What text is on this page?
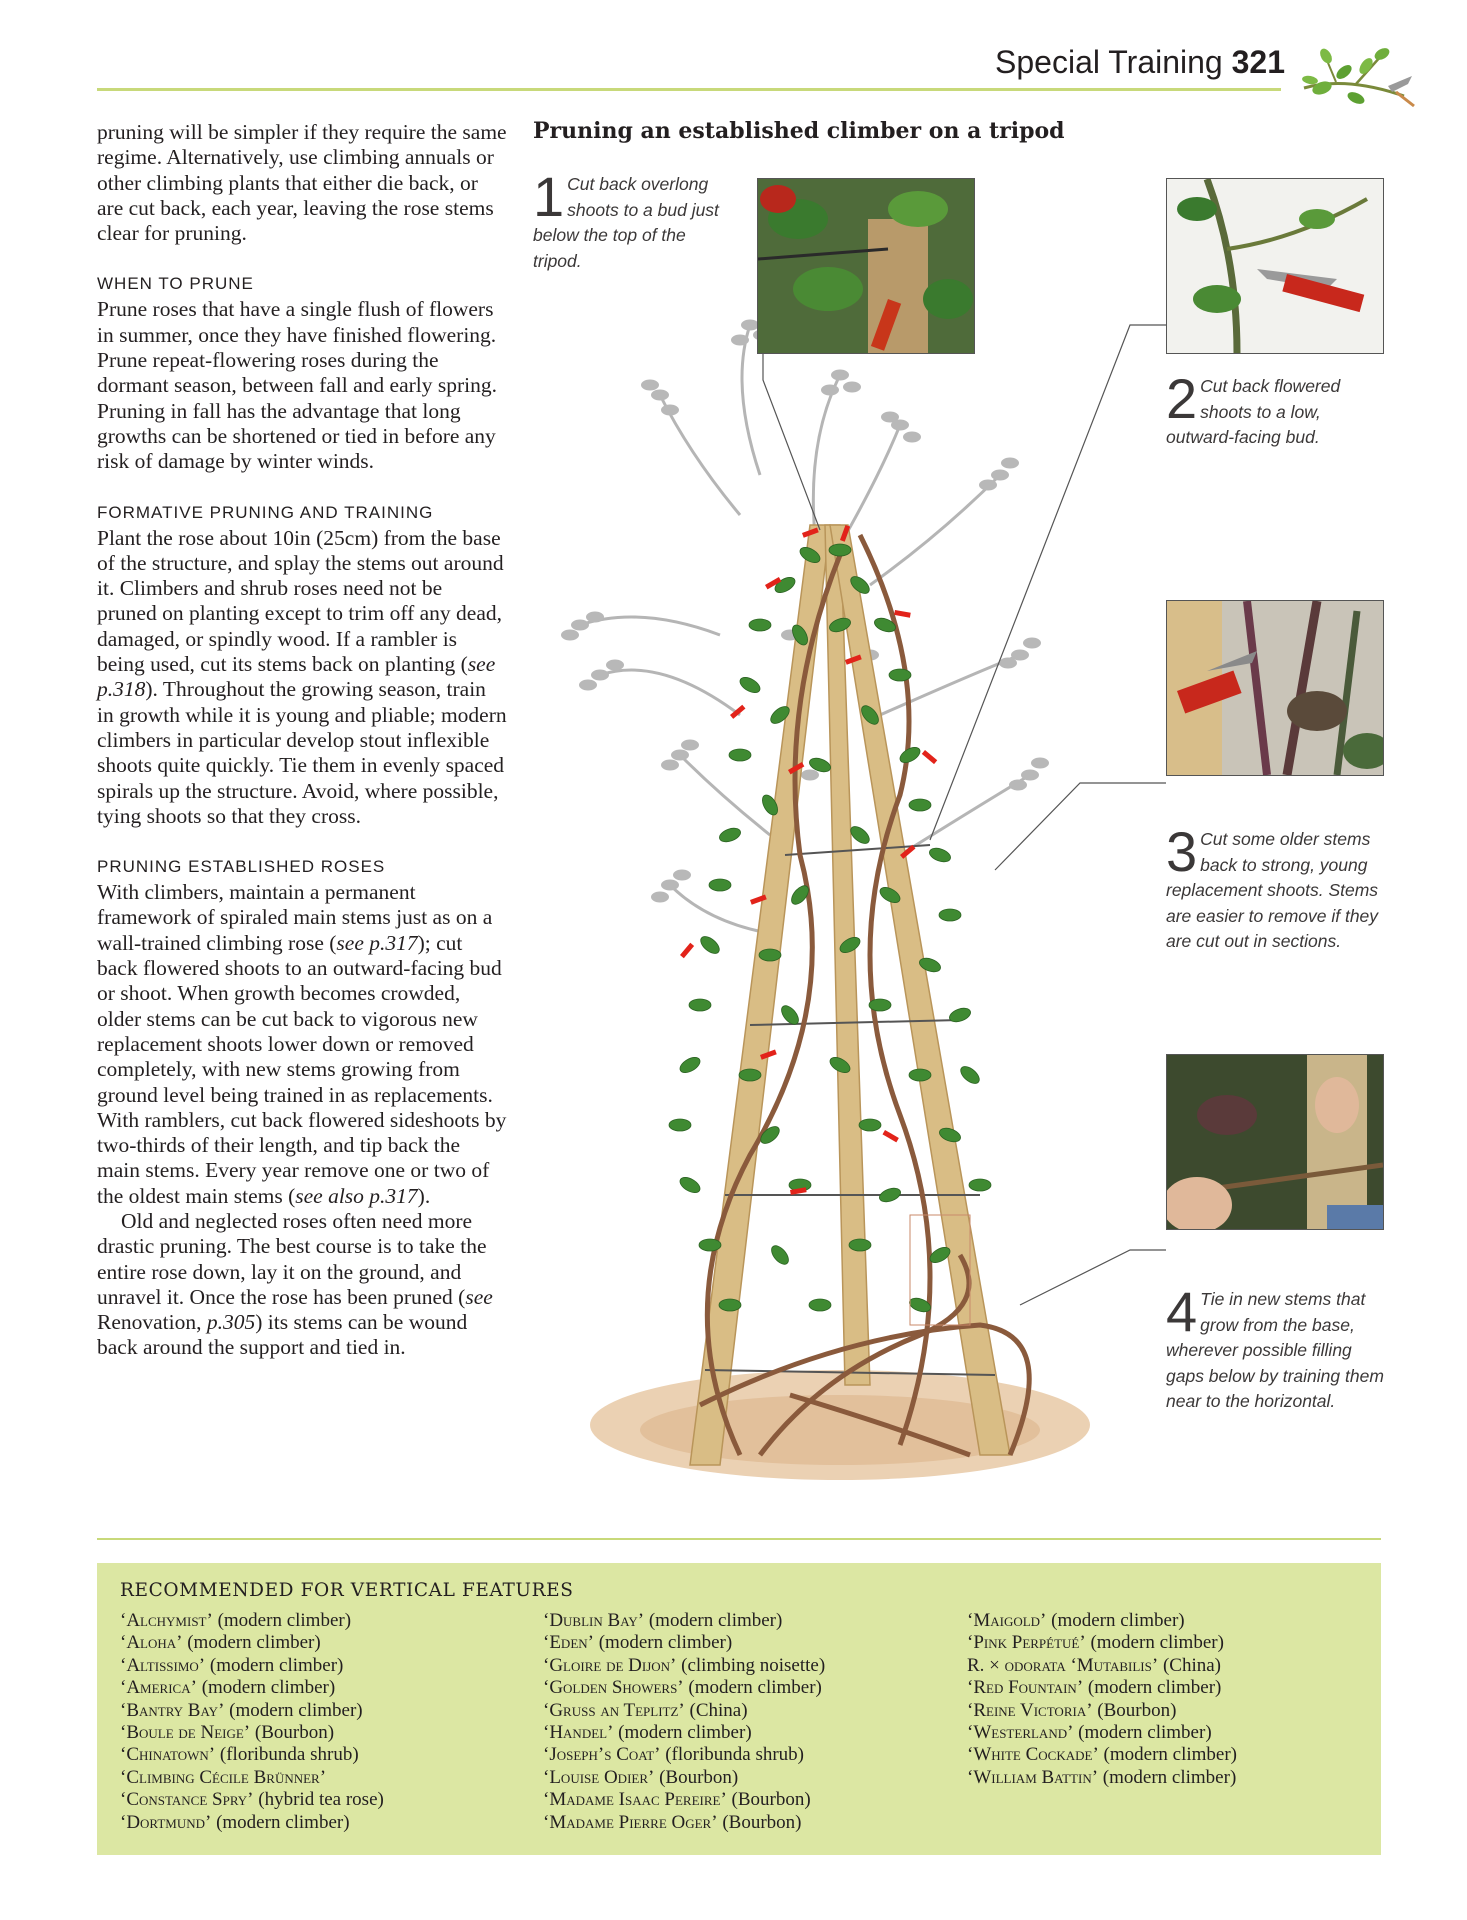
Special Training 321

pruning will be simpler if they require the same regime. Alternatively, use climbing annuals or other climbing plants that either die back, or are cut back, each year, leaving the rose stems clear for pruning.

WHEN TO PRUNE

Prune roses that have a single flush of flowers in summer, once they have finished flowering. Prune repeat-flowering roses during the dormant season, between fall and early spring. Pruning in fall has the advantage that long growths can be shortened or tied in before any risk of damage by winter winds.

FORMATIVE PRUNING AND TRAINING

Plant the rose about 10in (25cm) from the base of the structure, and splay the stems out around it. Climbers and shrub roses need not be pruned on planting except to trim off any dead, damaged, or spindly wood. If a rambler is being used, cut its stems back on planting (see p.318). Throughout the growing season, train in growth while it is young and pliable; modern climbers in particular develop stout inflexible shoots quite quickly. Tie them in evenly spaced spirals up the structure. Avoid, where possible, tying shoots so that they cross.

PRUNING ESTABLISHED ROSES

With climbers, maintain a permanent framework of spiraled main stems just as on a wall-trained climbing rose (see p.317); cut back flowered shoots to an outward-facing bud or shoot. When growth becomes crowded, older stems can be cut back to vigorous new replacement shoots lower down or removed completely, with new stems growing from ground level being trained in as replacements. With ramblers, cut back flowered sideshoots by two-thirds of their length, and tip back the main stems. Every year remove one or two of the oldest main stems (see also p.317).

Old and neglected roses often need more drastic pruning. The best course is to take the entire rose down, lay it on the ground, and unravel it. Once the rose has been pruned (see Renovation, p.305) its stems can be wound back around the support and tied in.

Pruning an established climber on a tripod
1 Cut back overlong shoots to a bud just below the top of the tripod.
2 Cut back flowered shoots to a low, outward-facing bud.
3 Cut some older stems back to strong, young replacement shoots. Stems are easier to remove if they are cut out in sections.
4 Tie in new stems that grow from the base, wherever possible filling gaps below by training them near to the horizontal.
RECOMMENDED FOR VERTICAL FEATURES
‘Alchymist’ (modern climber)
‘Aloha’ (modern climber)
‘Altissimo’ (modern climber)
‘America’ (modern climber)
‘Bantry Bay’ (modern climber)
‘Boule de Neige’ (Bourbon)
‘Chinatown’ (floribunda shrub)
‘Climbing Cécile Brünner’
‘Constance Spry’ (hybrid tea rose)
‘Dortmund’ (modern climber)
‘Dublin Bay’ (modern climber)
‘Eden’ (modern climber)
‘Gloire de Dijon’ (climbing noisette)
‘Golden Showers’ (modern climber)
‘Gruss an Teplitz’ (China)
‘Handel’ (modern climber)
‘Joseph’s Coat’ (floribunda shrub)
‘Louise Odier’ (Bourbon)
‘Madame Isaac Pereire’ (Bourbon)
‘Madame Pierre Oger’ (Bourbon)
‘Maigold’ (modern climber)
‘Pink Perpétué’ (modern climber)
R. × odorata ‘Mutabilis’ (China)
‘Red Fountain’ (modern climber)
‘Reine Victoria’ (Bourbon)
‘Westerland’ (modern climber)
‘White Cockade’ (modern climber)
‘William Battin’ (modern climber)
